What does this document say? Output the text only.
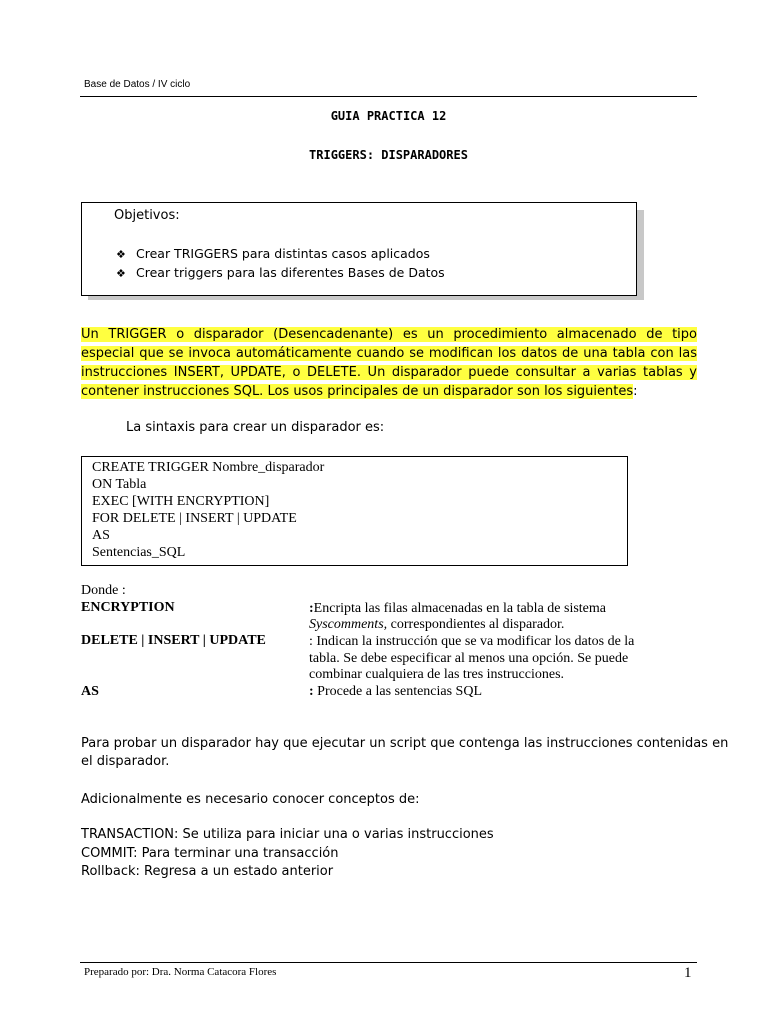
Base de Datos / IV ciclo
GUIA PRACTICA 12
TRIGGERS: DISPARADORES
Objetivos:
❖ Crear TRIGGERS para distintas casos aplicados
❖ Crear triggers para las diferentes Bases de Datos
Un TRIGGER o disparador (Desencadenante) es un procedimiento almacenado de tipo
especial que se invoca automáticamente cuando se modifican los datos de una tabla con las
instrucciones INSERT, UPDATE, o DELETE. Un disparador puede consultar a varias tablas y
contener instrucciones SQL. Los usos principales de un disparador son los siguientes:
La sintaxis para crear un disparador es:
CREATE TRIGGER Nombre_disparador
ON Tabla
EXEC [WITH ENCRYPTION]
FOR DELETE | INSERT | UPDATE
AS
Sentencias_SQL
Donde :
ENCRYPTION	:Encripta las filas almacenadas en la tabla de sistema
Syscomments, correspondientes al disparador.
DELETE | INSERT | UPDATE	: Indican la instrucción que se va modificar los datos de la
tabla. Se debe especificar al menos una opción. Se puede
combinar cualquiera de las tres instrucciones.
AS	: Procede a las sentencias SQL
Para probar un disparador hay que ejecutar un script que contenga las instrucciones contenidas en
el disparador.
Adicionalmente es necesario conocer conceptos de:
TRANSACTION: Se utiliza para iniciar una o varias instrucciones
COMMIT: Para terminar una transacción
Rollback: Regresa a un estado anterior
Preparado por: Dra. Norma Catacora Flores	1
